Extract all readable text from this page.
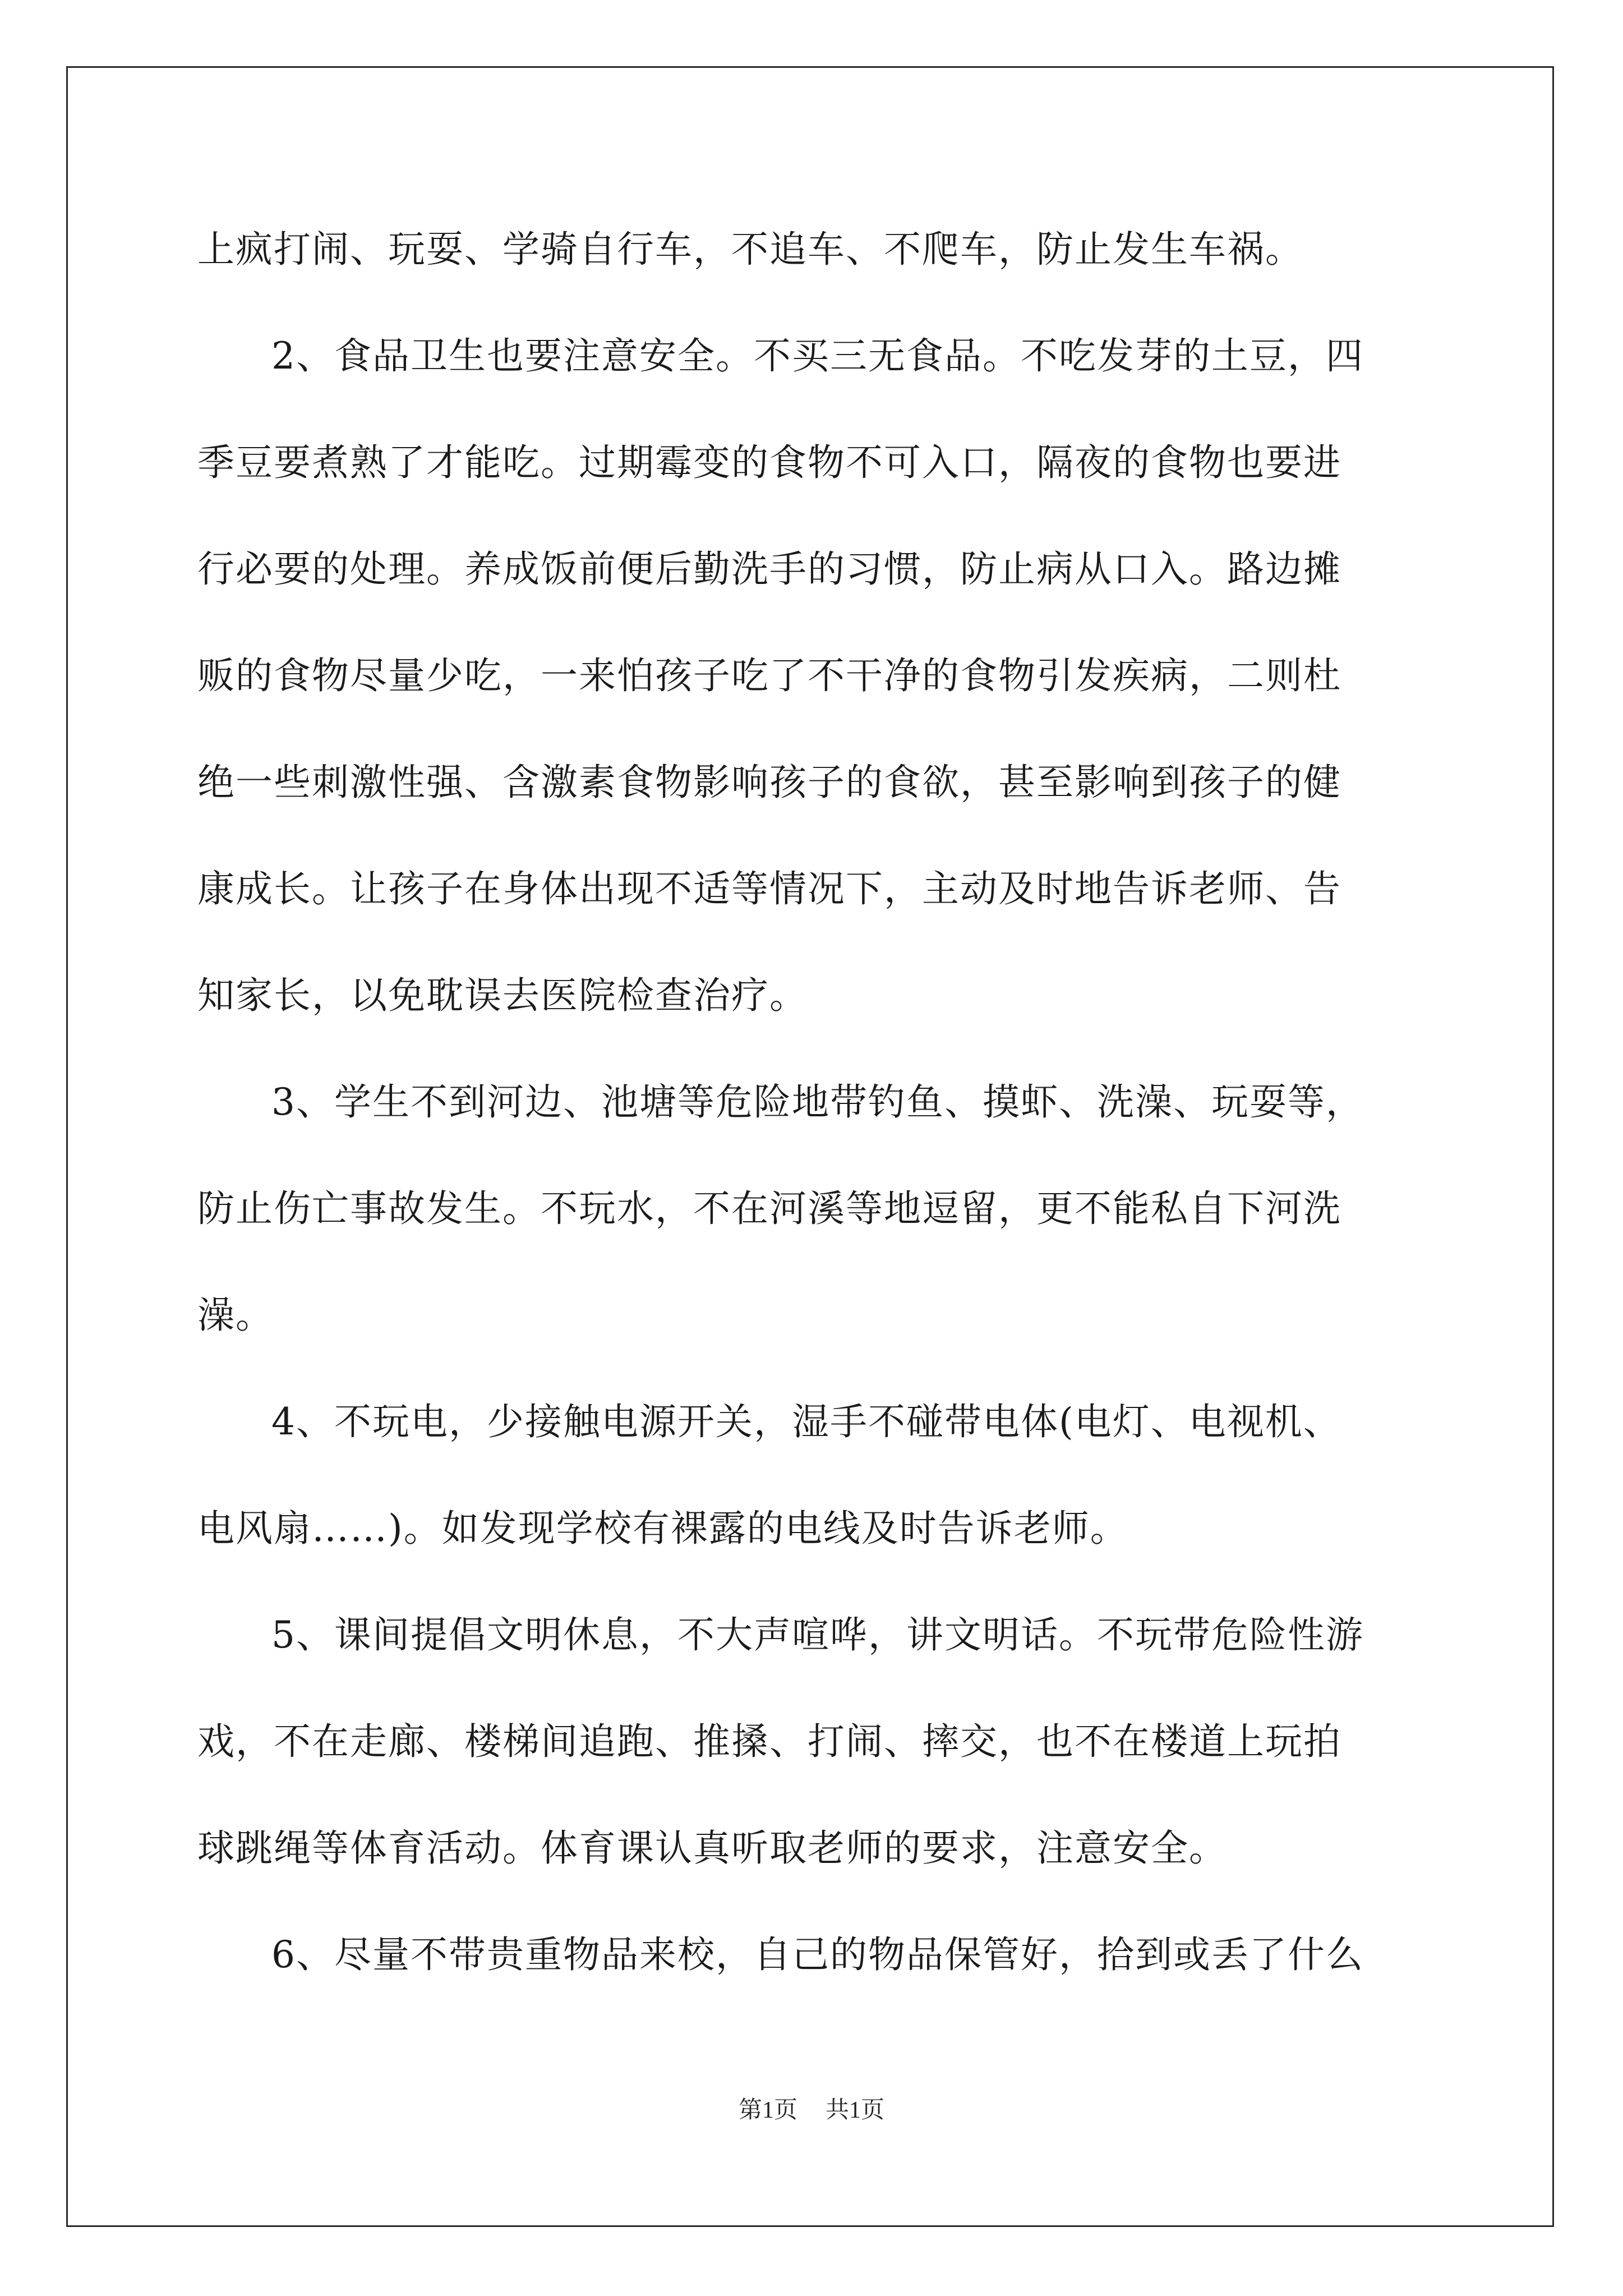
上疯打闹、玩耍、学骑自行车，不追车、不爬车，防止发生车祸。
2、食品卫生也要注意安全。不买三无食品。不吃发芽的土豆，四
季豆要煮熟了才能吃。过期霉变的食物不可入口，隔夜的食物也要进
行必要的处理。养成饭前便后勤洗手的习惯，防止病从口入。路边摊
贩的食物尽量少吃，一来怕孩子吃了不干净的食物引发疾病，二则杜
绝一些刺激性强、含激素食物影响孩子的食欲，甚至影响到孩子的健
康成长。让孩子在身体出现不适等情况下，主动及时地告诉老师、告
知家长，以免耽误去医院检查治疗。
3、学生不到河边、池塘等危险地带钓鱼、摸虾、洗澡、玩耍等，
防止伤亡事故发生。不玩水，不在河溪等地逗留，更不能私自下河洗
澡。
4、不玩电，少接触电源开关，湿手不碰带电体(电灯、电视机、
电风扇……)。如发现学校有裸露的电线及时告诉老师。
5、课间提倡文明休息，不大声喧哗，讲文明话。不玩带危险性游
戏，不在走廊、楼梯间追跑、推搡、打闹、摔交，也不在楼道上玩拍
球跳绳等体育活动。体育课认真听取老师的要求，注意安全。
6、尽量不带贵重物品来校，自己的物品保管好，拾到或丢了什么
第1页 共1页
